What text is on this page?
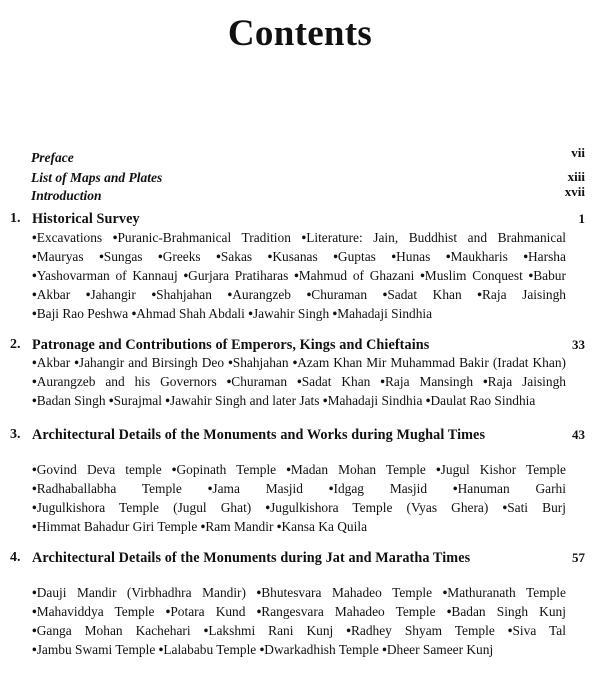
Contents
Preface	vii
List of Maps and Plates	xiii
Introduction	xvii
1. Historical Survey	1
•Excavations •Puranic-Brahmanical Tradition •Literature: Jain, Buddhist and Brahmanical •Mauryas •Sungas •Greeks •Sakas •Kusanas •Guptas •Hunas •Maukharis •Harsha •Yashovarman of Kannauj •Gurjara Pratiharas •Mahmud of Ghazani •Muslim Conquest •Babur •Akbar •Jahangir •Shahjahan •Aurangzeb •Churaman •Sadat Khan •Raja Jaisingh •Baji Rao Peshwa •Ahmad Shah Abdali •Jawahir Singh •Mahadaji Sindhia
2. Patronage and Contributions of Emperors, Kings and Chieftains	33
•Akbar •Jahangir and Birsingh Deo •Shahjahan •Azam Khan Mir Muhammad Bakir (Iradat Khan) •Aurangzeb and his Governors •Churaman •Sadat Khan •Raja Mansingh •Raja Jaisingh •Badan Singh •Surajmal •Jawahir Singh and later Jats •Mahadaji Sindhia •Daulat Rao Sindhia
3. Architectural Details of the Monuments and Works during Mughal Times	43
•Govind Deva temple •Gopinath Temple •Madan Mohan Temple •Jugul Kishor Temple •Radhaballabha Temple •Jama Masjid •Idgag Masjid •Hanuman Garhi •Jugulkishora Temple (Jugul Ghat) •Jugulkishora Temple (Vyas Ghera) •Sati Burj •Himmat Bahadur Giri Temple •Ram Mandir •Kansa Ka Quila
4. Architectural Details of the Monuments during Jat and Maratha Times	57
•Dauji Mandir (Virbhadhra Mandir) •Bhutesvara Mahadeo Temple •Mathuranath Temple •Mahaviddya Temple •Potara Kund •Rangesvara Mahadeo Temple •Badan Singh Kunj •Ganga Mohan Kachehari •Lakshmi Rani Kunj •Radhey Shyam Temple •Siva Tal •Jambu Swami Temple •Lalababu Temple •Dwarkadhish Temple •Dheer Sameer Kunj
